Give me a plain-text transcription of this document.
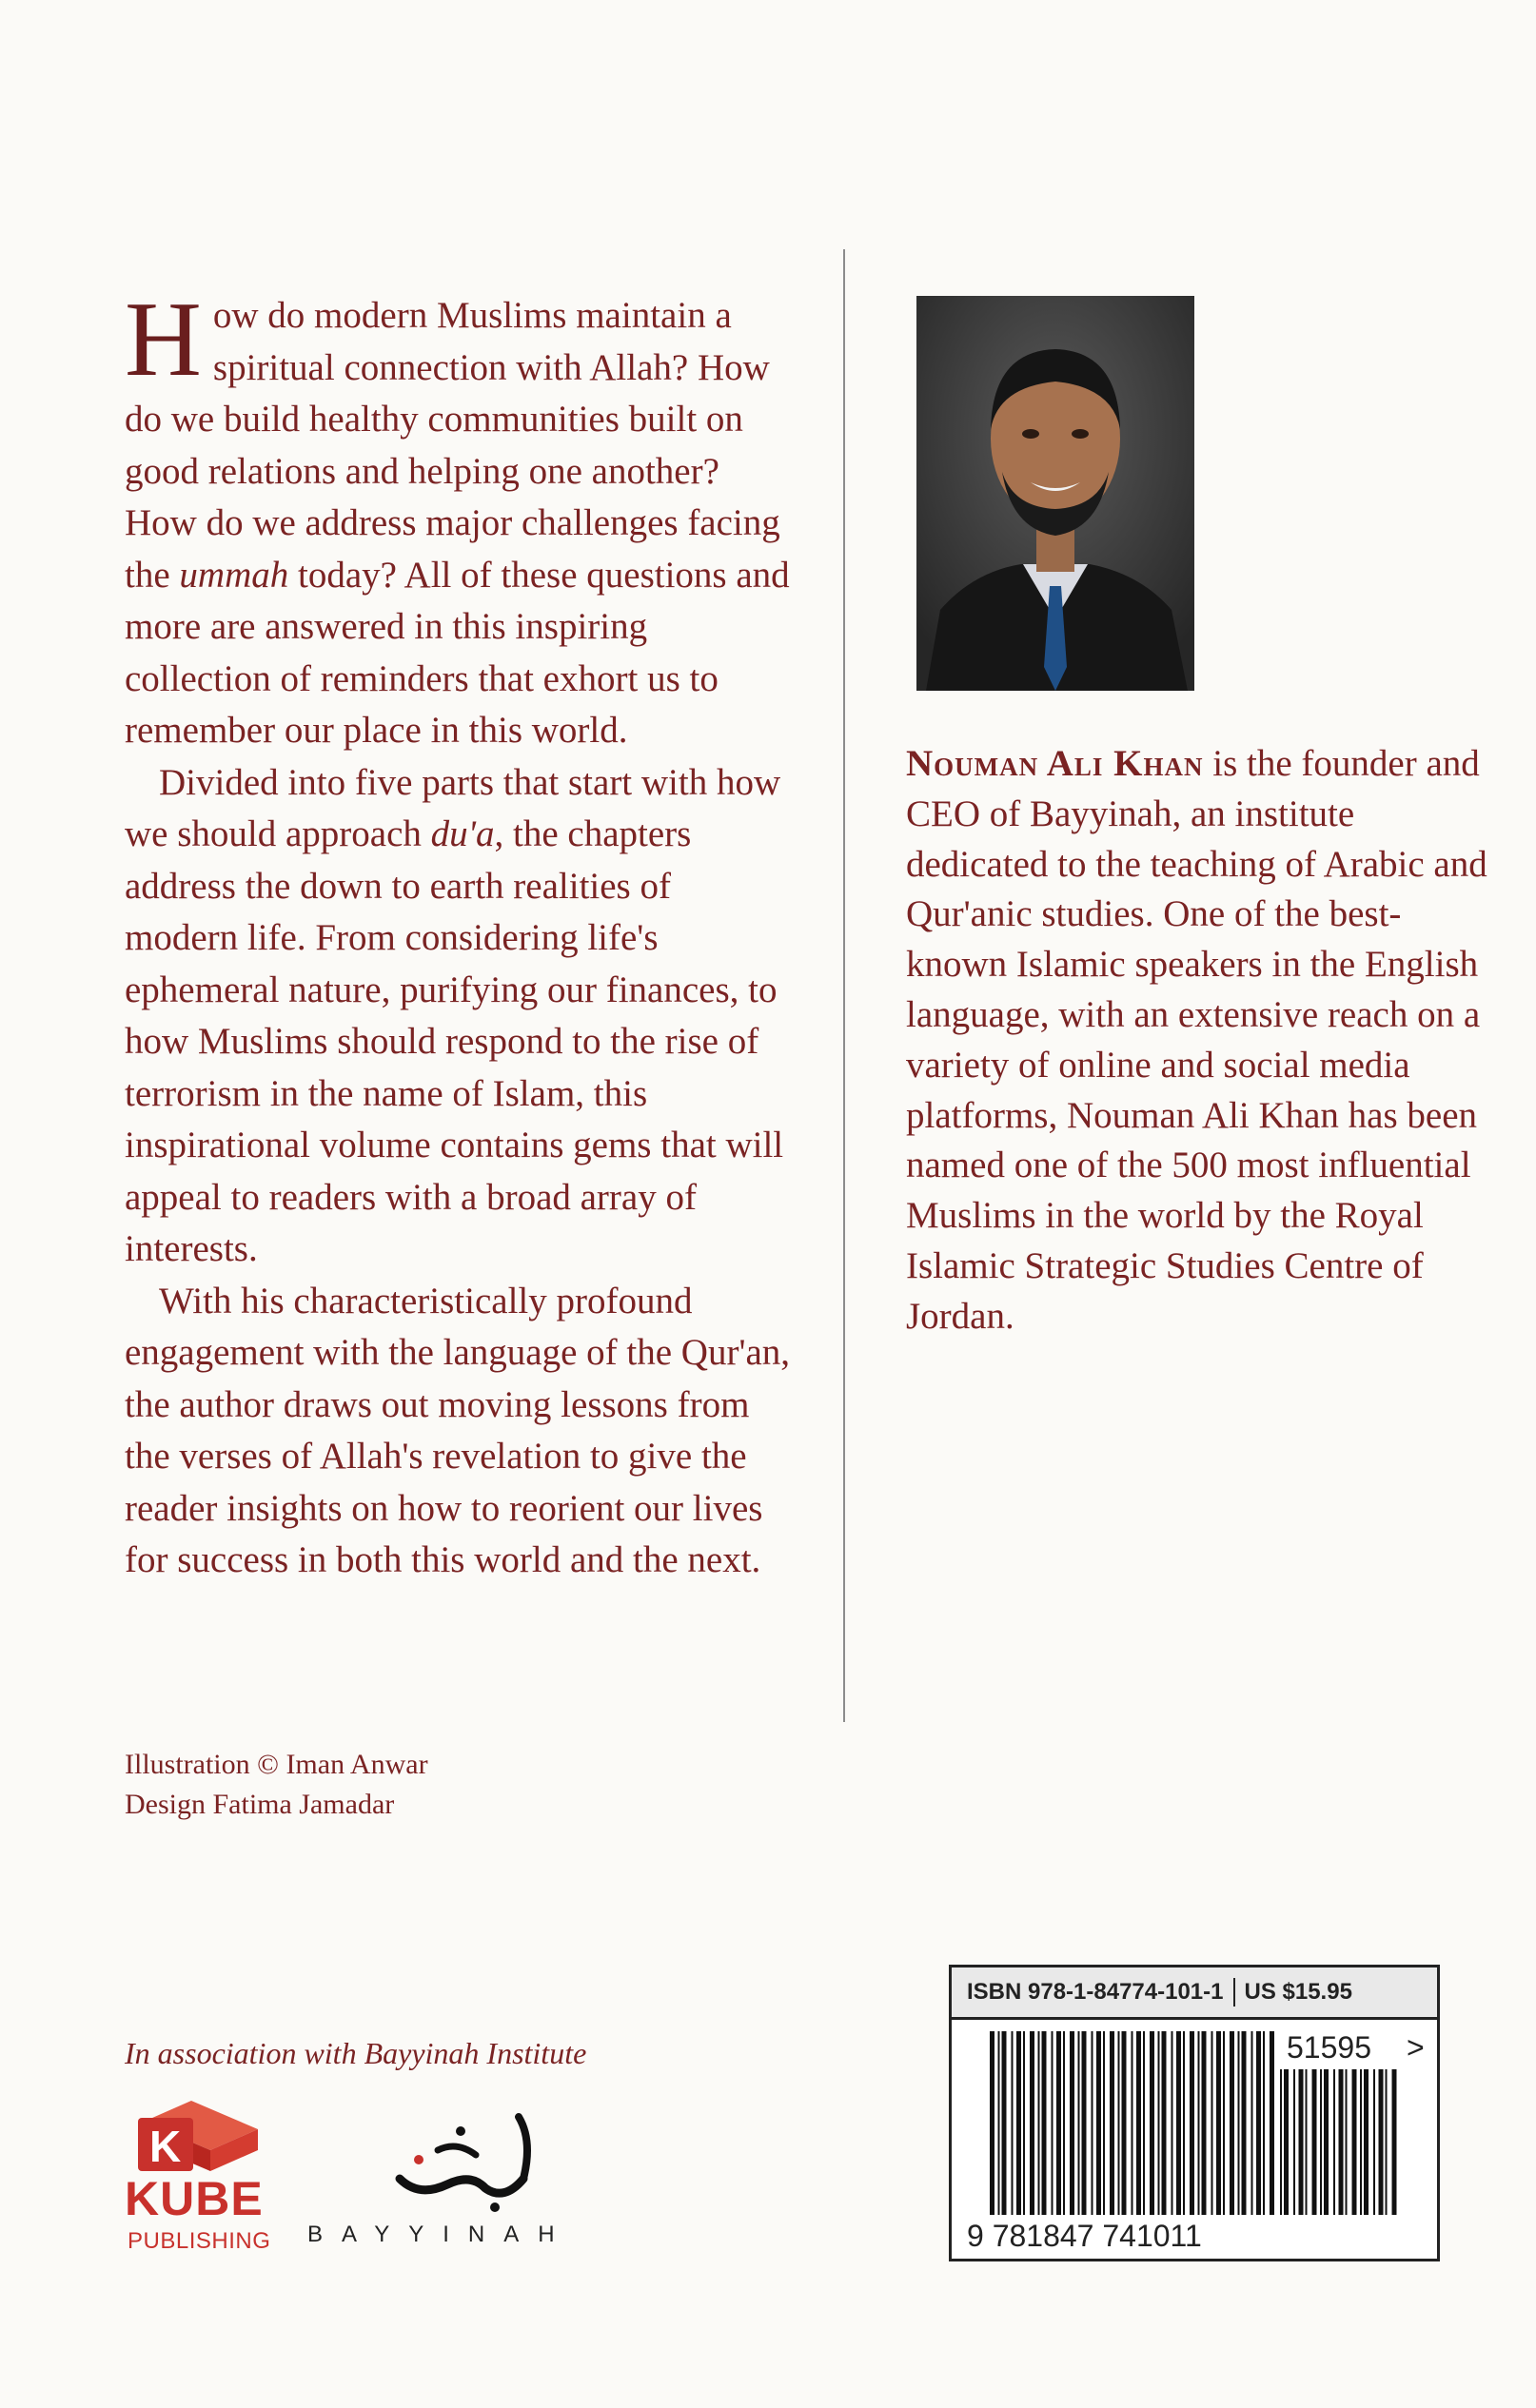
How do modern Muslims maintain a spiritual connection with Allah? How do we build healthy communities built on good relations and helping one another? How do we address major challenges facing the ummah today? All of these questions and more are answered in this inspiring collection of reminders that exhort us to remember our place in this world.

Divided into five parts that start with how we should approach du'a, the chapters address the down to earth realities of modern life. From considering life's ephemeral nature, purifying our finances, to how Muslims should respond to the rise of terrorism in the name of Islam, this inspirational volume contains gems that will appeal to readers with a broad array of interests.

With his characteristically profound engagement with the language of the Qur'an, the author draws out moving lessons from the verses of Allah's revelation to give the reader insights on how to reorient our lives for success in both this world and the next.

Nouman Ali Khan is the founder and CEO of Bayyinah, an institute dedicated to the teaching of Arabic and Qur'anic studies. One of the best-known Islamic speakers in the English language, with an extensive reach on a variety of online and social media platforms, Nouman Ali Khan has been named one of the 500 most influential Muslims in the world by the Royal Islamic Strategic Studies Centre of Jordan.

Illustration © Iman Anwar
Design Fatima Jamadar
In association with Bayyinah Institute
K
KUBE
PUBLISHING BAYYINAH
ISBN 978-1-84774-101-1 US $15.95
51595 >
9 781847 741011
